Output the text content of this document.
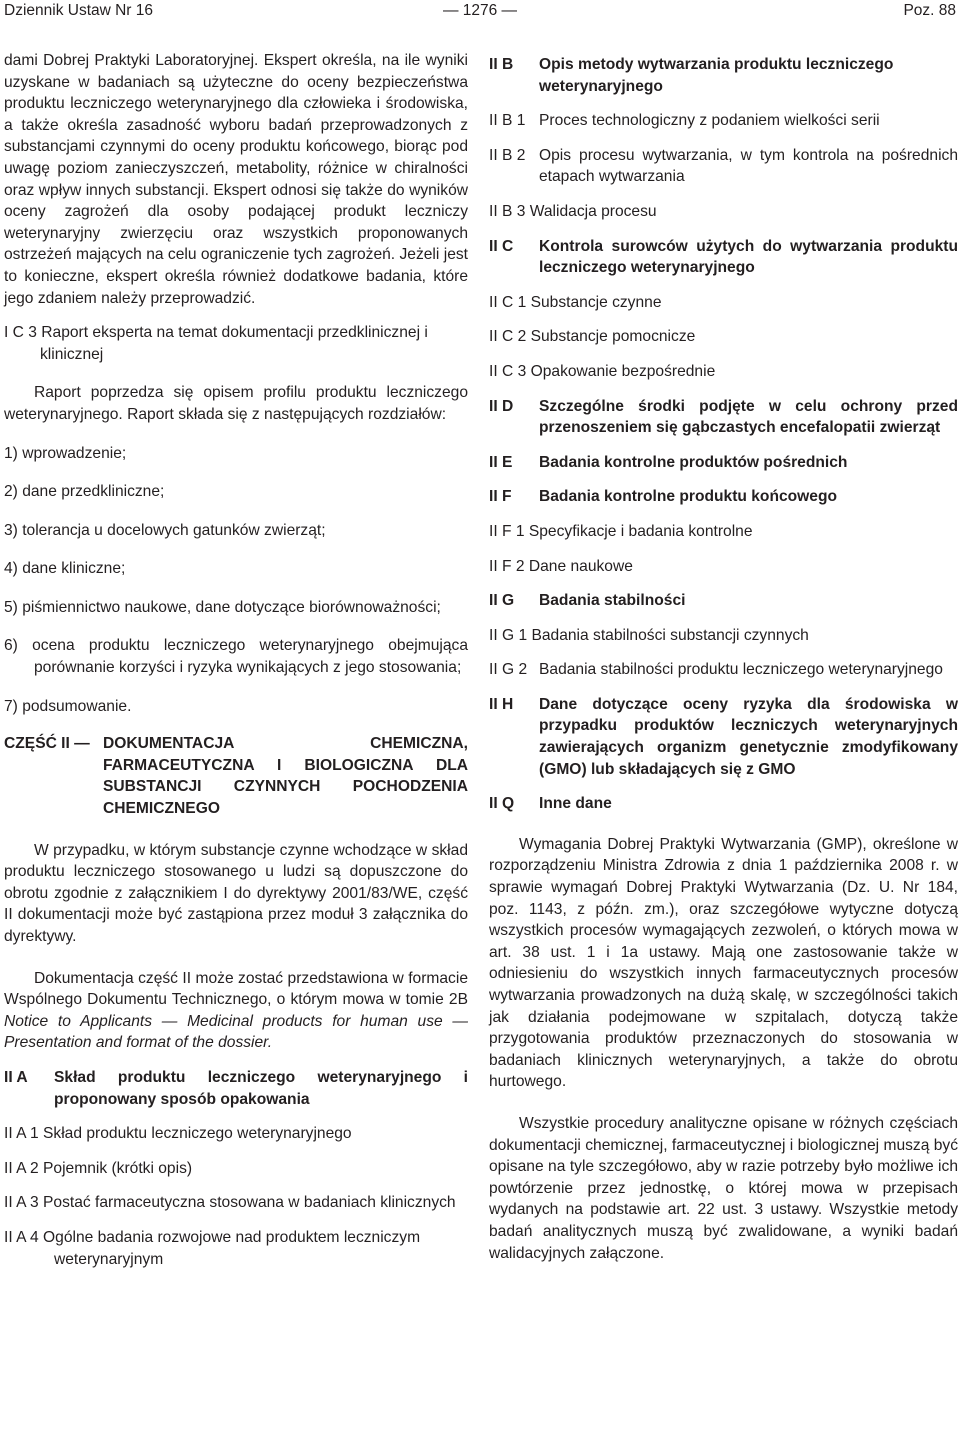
Dziennik Ustaw Nr 16	— 1276 —	Poz. 88

dami Dobrej Praktyki Laboratoryjnej. Ekspert określa, na ile wyniki uzyskane w badaniach są użyteczne do oceny bezpieczeństwa produktu leczniczego weterynaryjnego dla człowieka i środowiska, a także określa zasadność wyboru badań przeprowadzonych z substancjami czynnymi do oceny produktu końcowego, biorąc pod uwagę poziom zanieczyszczeń, metabolity, różnice w chiralności oraz wpływ innych substancji. Ekspert odnosi się także do wyników oceny zagrożeń dla osoby podającej produkt leczniczy weterynaryjny zwierzęciu oraz wszystkich proponowanych ostrzeżeń mających na celu ograniczenie tych zagrożeń. Jeżeli jest to konieczne, ekspert określa również dodatkowe badania, które jego zdaniem należy przeprowadzić.

I C 3 Raport eksperta na temat dokumentacji przedklinicznej i klinicznej

Raport poprzedza się opisem profilu produktu leczniczego weterynaryjnego. Raport składa się z następujących rozdziałów:

1) wprowadzenie;

2) dane przedkliniczne;

3) tolerancja u docelowych gatunków zwierząt;

4) dane kliniczne;

5) piśmiennictwo naukowe, dane dotyczące biorównoważności;

6) ocena produktu leczniczego weterynaryjnego obejmująca porównanie korzyści i ryzyka wynikających z jego stosowania;

7) podsumowanie.

CZĘŚĆ II — DOKUMENTACJA CHEMICZNA, FARMACEUTYCZNA I BIOLOGICZNA DLA SUBSTANCJI CZYNNYCH POCHODZENIA CHEMICZNEGO

W przypadku, w którym substancje czynne wchodzące w skład produktu leczniczego stosowanego u ludzi są dopuszczone do obrotu zgodnie z załącznikiem I do dyrektywy 2001/83/WE, część II dokumentacji może być zastąpiona przez moduł 3 załącznika do dyrektywy.

Dokumentacja część II może zostać przedstawiona w formacie Wspólnego Dokumentu Technicznego, o którym mowa w tomie 2B Notice to Applicants — Medicinal products for human use — Presentation and format of the dossier.

II A	Skład produktu leczniczego weterynaryjnego i proponowany sposób opakowania

II A 1 Skład produktu leczniczego weterynaryjnego

II A 2 Pojemnik (krótki opis)

II A 3 Postać farmaceutyczna stosowana w badaniach klinicznych

II A 4 Ogólne badania rozwojowe nad produktem leczniczym weterynaryjnym

II B	Opis metody wytwarzania produktu leczniczego weterynaryjnego
II B 1 Proces technologiczny z podaniem wielkości serii
II B 2 Opis procesu wytwarzania, w tym kontrola na pośrednich etapach wytwarzania

II B 3 Walidacja procesu

II C	Kontrola surowców użytych do wytwarzania produktu leczniczego weterynaryjnego

II C 1 Substancje czynne

II C 2 Substancje pomocnicze

II C 3 Opakowanie bezpośrednie

II D	Szczególne środki podjęte w celu ochrony przed przenoszeniem się gąbczastych encefalopatii zwierząt
II E	Badania kontrolne produktów pośrednich
II F	Badania kontrolne produktu końcowego

II F 1 Specyfikacje i badania kontrolne

II F 2 Dane naukowe

II G	Badania stabilności

II G 1 Badania stabilności substancji czynnych

II G 2 Badania stabilności produktu leczniczego weterynaryjnego
II H	Dane dotyczące oceny ryzyka dla środowiska w przypadku produktów leczniczych weterynaryjnych zawierających organizm genetycznie zmodyfikowany (GMO) lub składających się z GMO
II Q	Inne dane

Wymagania Dobrej Praktyki Wytwarzania (GMP), określone w rozporządzeniu Ministra Zdrowia z dnia 1 października 2008 r. w sprawie wymagań Dobrej Praktyki Wytwarzania (Dz. U. Nr 184, poz. 1143, z późn. zm.), oraz szczegółowe wytyczne dotyczą wszystkich procesów wymagających zezwoleń, o których mowa w art. 38 ust. 1 i 1a ustawy. Mają one zastosowanie także w odniesieniu do wszystkich innych farmaceutycznych procesów wytwarzania prowadzonych na dużą skalę, w szczególności takich jak działania podejmowane w szpitalach, dotyczą także przygotowania produktów przeznaczonych do stosowania w badaniach klinicznych weterynaryjnych, a także do obrotu hurtowego.

Wszystkie procedury analityczne opisane w różnych częściach dokumentacji chemicznej, farmaceutycznej i biologicznej muszą być opisane na tyle szczegółowo, aby w razie potrzeby było możliwe ich powtórzenie przez jednostkę, o której mowa w przepisach wydanych na podstawie art. 22 ust. 3 ustawy. Wszystkie metody badań analitycznych muszą być zwalidowane, a wyniki badań walidacyjnych załączone.
